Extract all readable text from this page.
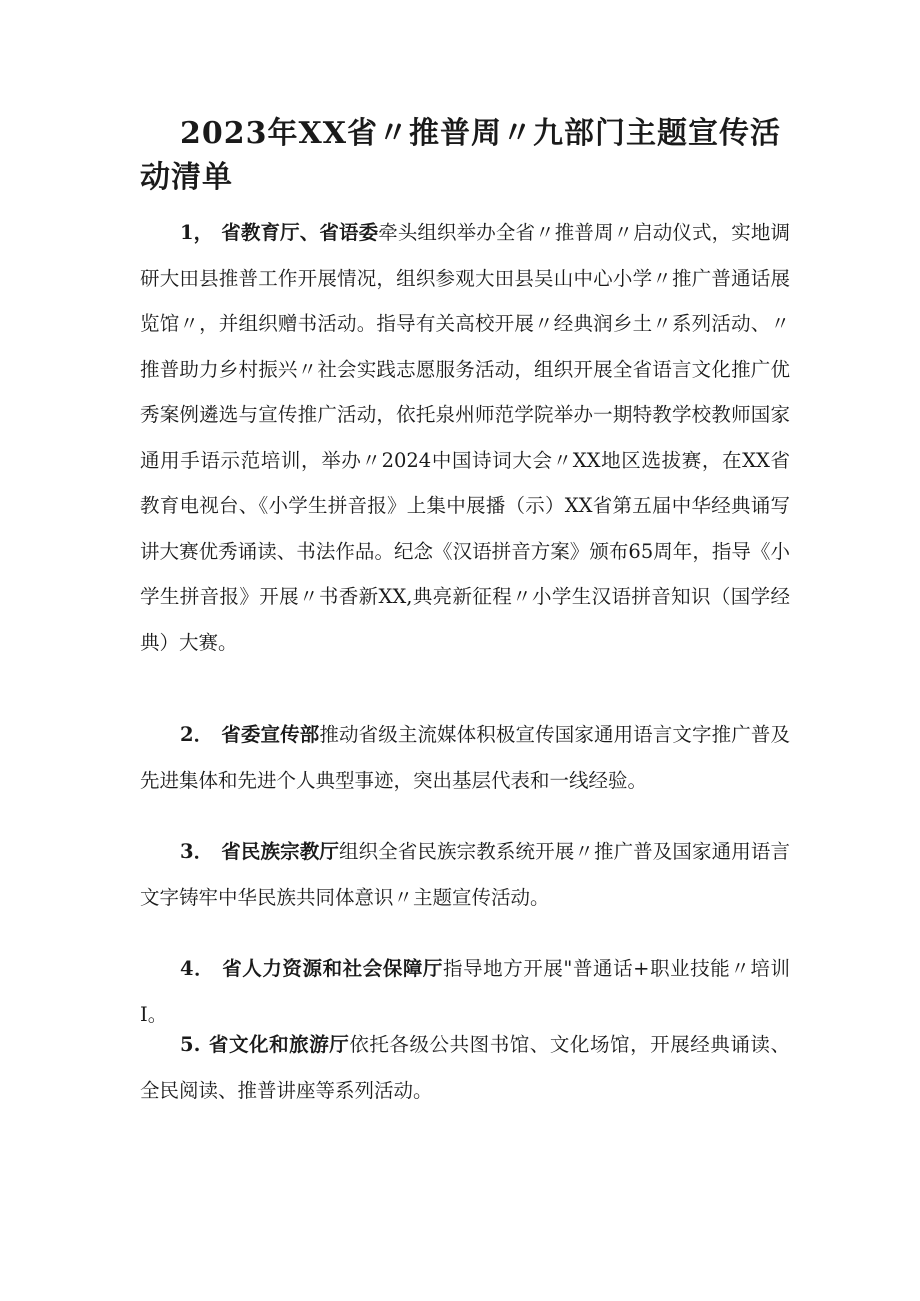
2023年XX省〃推普周〃九部门主题宣传活动清单
1， 省教育厅、省语委牵头组织举办全省〃推普周〃启动仪式，实地调研大田县推普工作开展情况，组织参观大田县吴山中心小学〃推广普通话展览馆〃，并组织赠书活动。指导有关高校开展〃经典润乡土〃系列活动、〃推普助力乡村振兴〃社会实践志愿服务活动，组织开展全省语言文化推广优秀案例遴选与宣传推广活动，依托泉州师范学院举办一期特教学校教师国家通用手语示范培训，举办〃2024中国诗词大会〃XX地区选拔赛，在XX省教育电视台、《小学生拼音报》上集中展播（示）XX省第五届中华经典诵写讲大赛优秀诵读、书法作品。纪念《汉语拼音方案》颁布65周年，指导《小学生拼音报》开展〃书香新XX,典亮新征程〃小学生汉语拼音知识（国学经典）大赛。
2． 省委宣传部推动省级主流媒体积极宣传国家通用语言文字推广普及先进集体和先进个人典型事迹，突出基层代表和一线经验。
3． 省民族宗教厅组织全省民族宗教系统开展〃推广普及国家通用语言文字铸牢中华民族共同体意识〃主题宣传活动。
4． 省人力资源和社会保障厅指导地方开展"普通话+职业技能〃培训I。
5. 省文化和旅游厅依托各级公共图书馆、文化场馆，开展经典诵读、全民阅读、推普讲座等系列活动。
